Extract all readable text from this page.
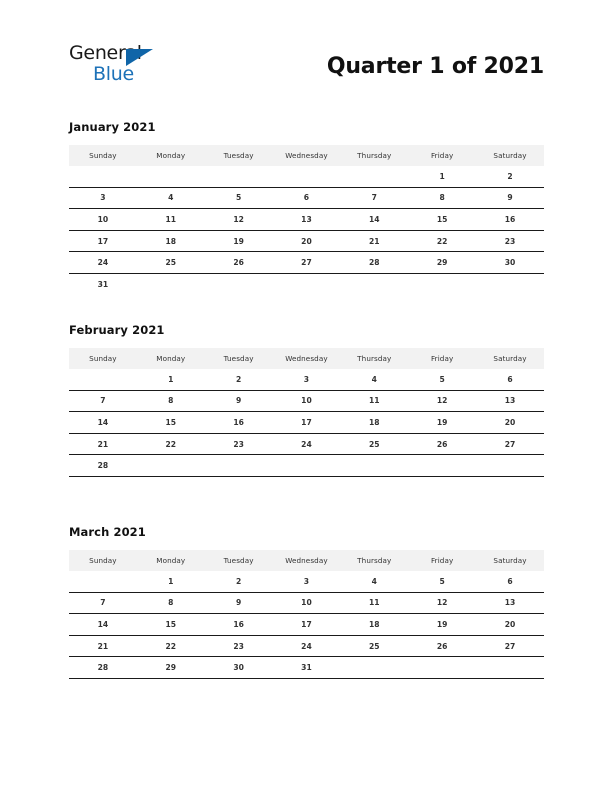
General
Blue	Quarter 1 of 2021
January 2021
Sunday	Monday	Tuesday	Wednesday	Thursday	Friday	Saturday
					1	2
3	4	5	6	7	8	9
10	11	12	13	14	15	16
17	18	19	20	21	22	23
24	25	26	27	28	29	30
31						
February 2021
Sunday	Monday	Tuesday	Wednesday	Thursday	Friday	Saturday
	1	2	3	4	5	6
7	8	9	10	11	12	13
14	15	16	17	18	19	20
21	22	23	24	25	26	27
28						
March 2021
Sunday	Monday	Tuesday	Wednesday	Thursday	Friday	Saturday
	1	2	3	4	5	6
7	8	9	10	11	12	13
14	15	16	17	18	19	20
21	22	23	24	25	26	27
28	29	30	31			
